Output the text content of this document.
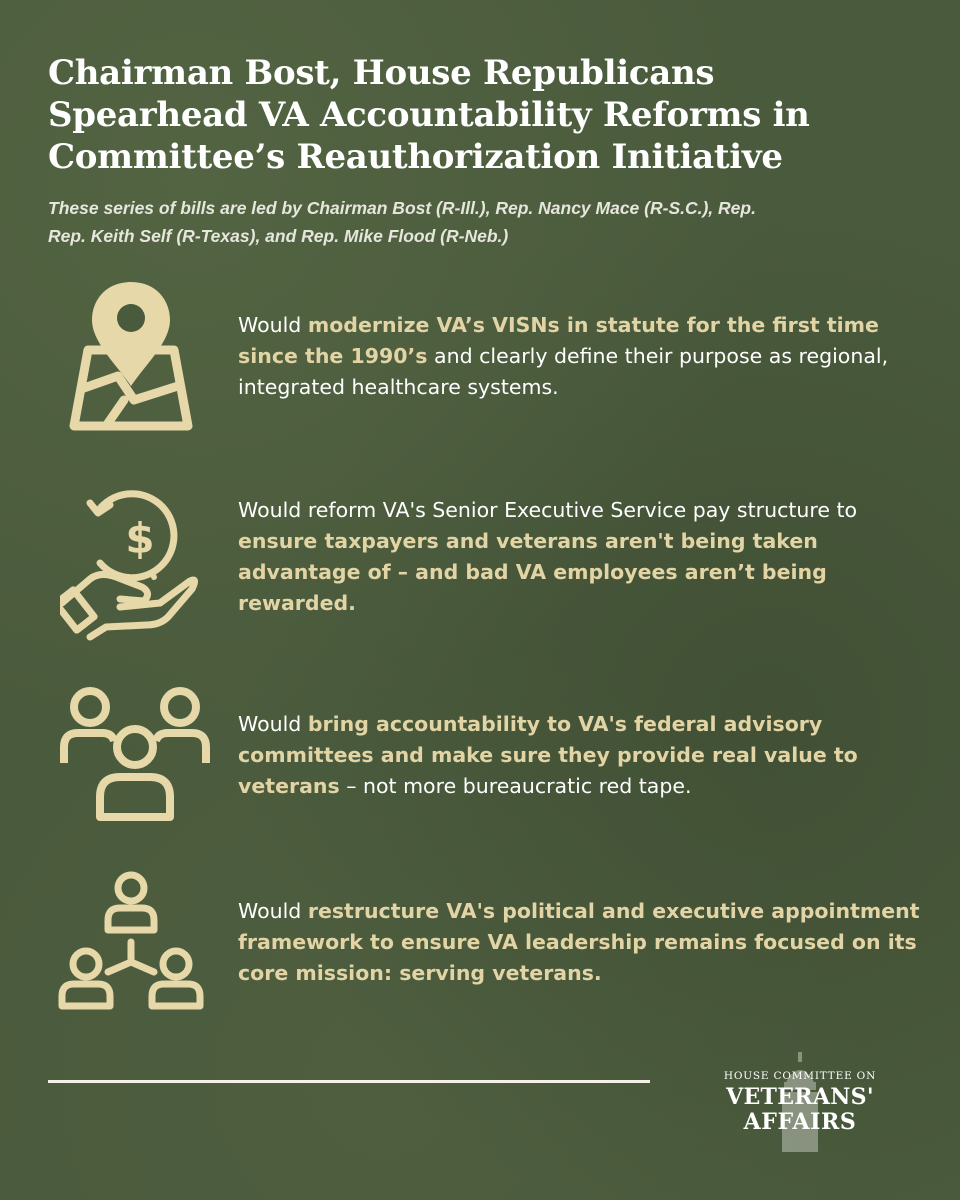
Chairman Bost, House Republicans
Spearhead VA Accountability Reforms in
Committee’s Reauthorization Initiative

These series of bills are led by Chairman Bost (R-Ill.), Rep. Nancy Mace (R-S.C.), Rep.
Rep. Keith Self (R-Texas), and Rep. Mike Flood (R-Neb.)

Would modernize VA’s VISNs in statute for the first time since the 1990’s and clearly define their purpose as regional, integrated healthcare systems.

$

Would reform VA's Senior Executive Service pay structure to ensure taxpayers and veterans aren't being taken advantage of – and bad VA employees aren’t being rewarded.

Would bring accountability to VA's federal advisory committees and make sure they provide real value to veterans – not more bureaucratic red tape.

Would restructure VA's political and executive appointment framework to ensure VA leadership remains focused on its core mission: serving veterans.

HOUSE COMMITTEE ON
VETERANS'
AFFAIRS
